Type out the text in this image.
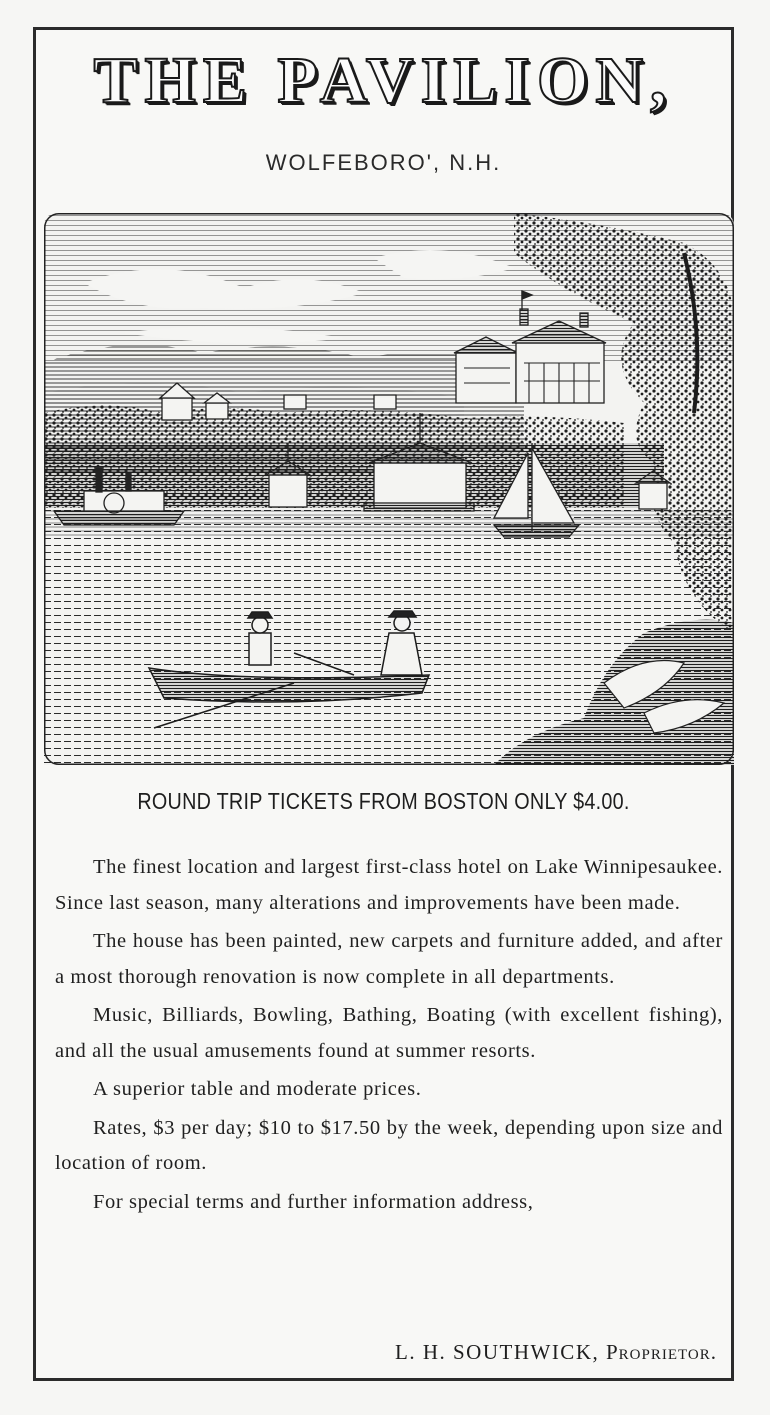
THE PAVILION,
WOLFEBORO', N.H.
ROUND TRIP TICKETS FROM BOSTON ONLY $4.00.

The finest location and largest first-class hotel on Lake Winnipesaukee. Since last season, many alterations and improvements have been made.

The house has been painted, new carpets and furniture added, and after a most thorough renovation is now complete in all departments.

Music, Billiards, Bowling, Bathing, Boating (with excellent fishing), and all the usual amusements found at summer resorts.

A superior table and moderate prices.

Rates, $3 per day; $10 to $17.50 by the week, depending upon size and location of room.

For special terms and further information address,

L. H. SOUTHWICK, Proprietor.
